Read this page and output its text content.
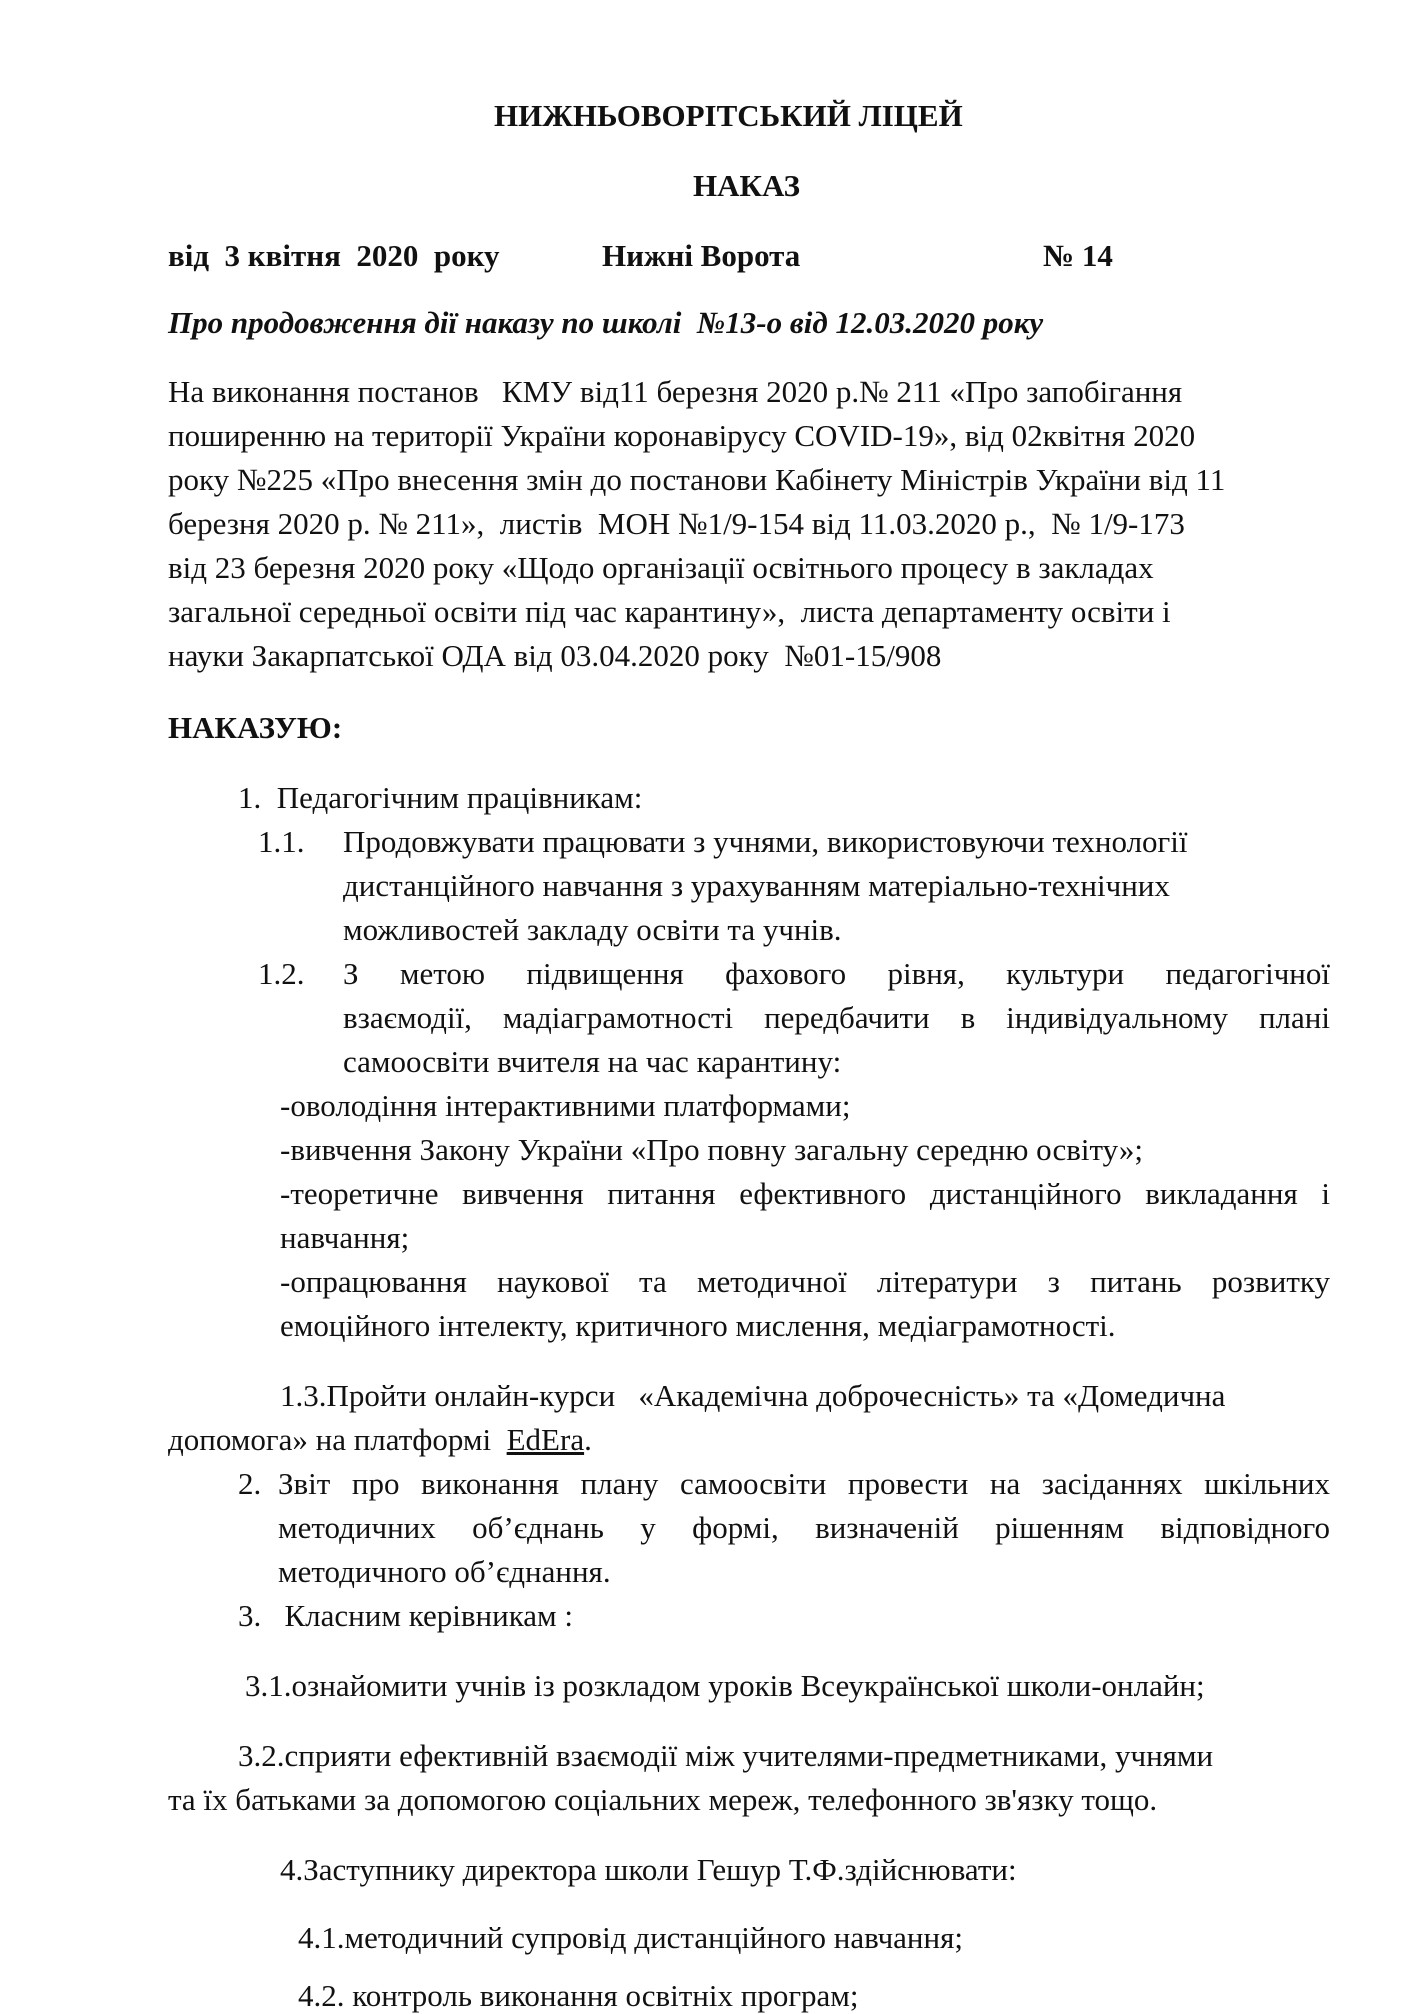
НИЖНЬОВОРІТСЬКИЙ ЛІЦЕЙ
НАКАЗ
від  3 квітня  2020  року	Нижні Ворота	№ 14
Про продовження дії наказу по школі  №13-о від 12.03.2020 року
На виконання постанов   КМУ від11 березня 2020 р.№ 211 «Про запобігання
поширенню на території України коронавірусу COVID-19», від 02квітня 2020
року №225 «Про внесення змін до постанови Кабінету Міністрів України від 11
березня 2020 р. № 211»,  листів  МОН №1/9-154 від 11.03.2020 р.,  № 1/9-173
від 23 березня 2020 року «Щодо організації освітнього процесу в закладах
загальної середньої освіти під час карантину»,  листа департаменту освіти і
науки Закарпатської ОДА від 03.04.2020 року  №01-15/908
НАКАЗУЮ:
1.  Педагогічним працівникам:
1.1. Продовжувати працювати з учнями, використовуючи технології
дистанційного навчання з урахуванням матеріально-технічних
можливостей закладу освіти та учнів.
1.2. З метою підвищення фахового рівня, культури педагогічної
взаємодії, мадіаграмотності передбачити в індивідуальному плані
самоосвіти вчителя на час карантину:
-оволодіння інтерактивними платформами;
-вивчення Закону України «Про повну загальну середню освіту»;
-теоретичне вивчення питання ефективного дистанційного викладання і
навчання;
-опрацювання наукової та методичної літератури з питань розвитку
емоційного інтелекту, критичного мислення, медіаграмотності.
1.3.Пройти онлайн-курси   «Академічна доброчесність» та «Домедична
допомога» на платформі  EdEra.
2. Звіт про виконання плану самоосвіти провести на засіданнях шкільних
методичних об’єднань у формі, визначеній рішенням відповідного
методичного об’єднання.
3.   Класним керівникам :
3.1.ознайомити учнів із розкладом уроків Всеукраїнської школи-онлайн;
3.2.сприяти ефективній взаємодії між учителями-предметниками, учнями
та їх батьками за допомогою соціальних мереж, телефонного зв'язку тощо.
4.Заступнику директора школи Гешур Т.Ф.здійснювати:
4.1.методичний супровід дистанційного навчання;
4.2. контроль виконання освітніх програм;
